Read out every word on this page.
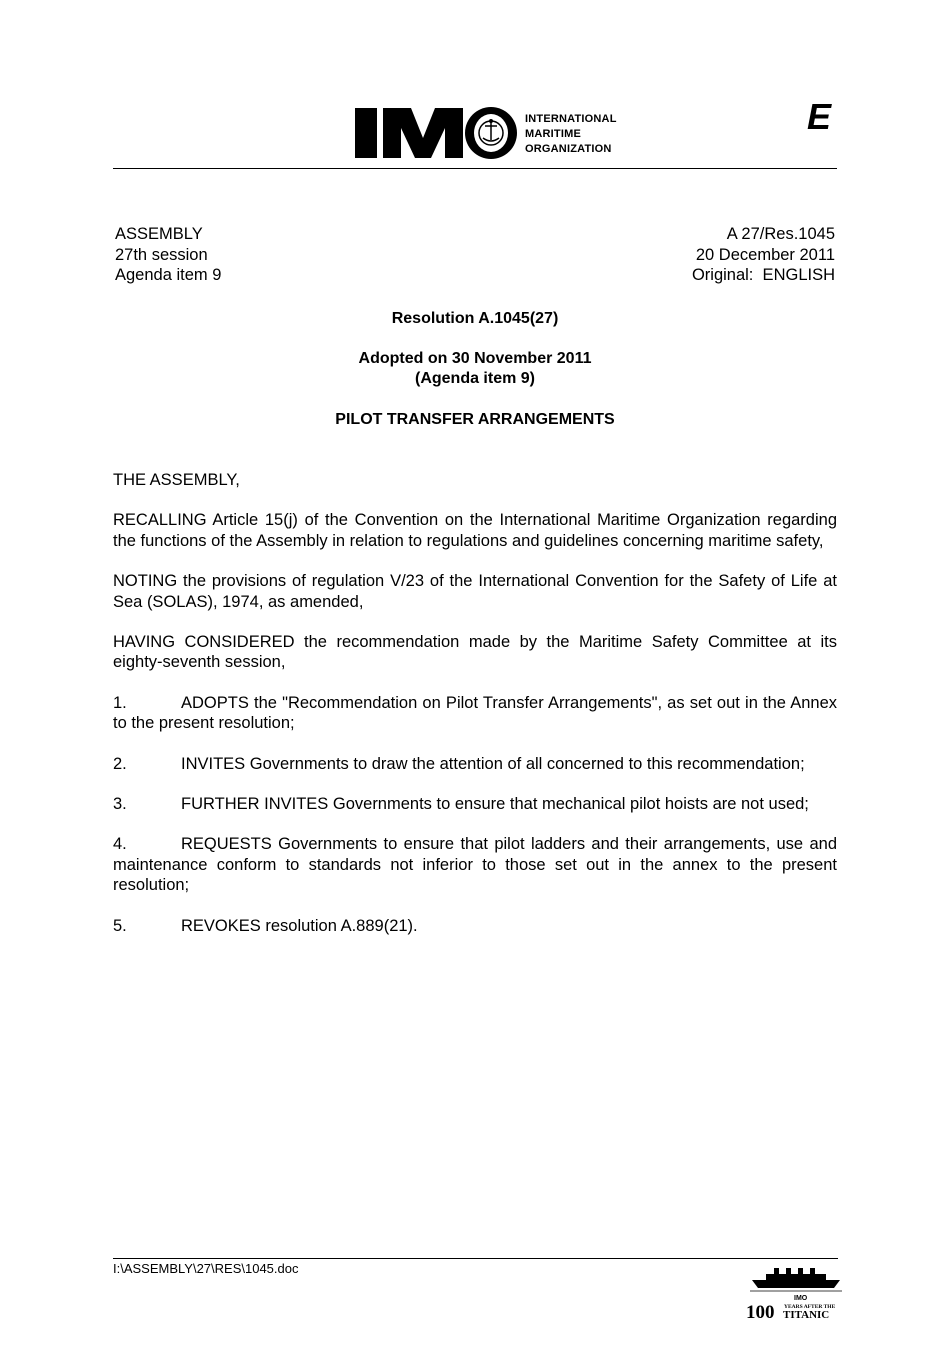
INTERNATIONAL
MARITIME
ORGANIZATION
E
ASSEMBLY
27th session
Agenda item 9
A 27/Res.1045
20 December 2011
Original:  ENGLISH
Resolution A.1045(27)
Adopted on 30 November 2011
(Agenda item 9)
PILOT TRANSFER ARRANGEMENTS

THE ASSEMBLY,

RECALLING Article 15(j) of the Convention on the International Maritime Organization regarding the functions of the Assembly in relation to regulations and guidelines concerning maritime safety,

NOTING the provisions of regulation V/23 of the International Convention for the Safety of Life at Sea (SOLAS), 1974, as amended,

HAVING CONSIDERED the recommendation made by the Maritime Safety Committee at its eighty-seventh session,

1.	ADOPTS the "Recommendation on Pilot Transfer Arrangements", as set out in the Annex to the present resolution;

2.	INVITES Governments to draw the attention of all concerned to this recommendation;

3.	FURTHER INVITES Governments to ensure that mechanical pilot hoists are not used;

4.	REQUESTS Governments to ensure that pilot ladders and their arrangements, use and maintenance conform to standards not inferior to those set out in the annex to the present resolution;

5.	REVOKES resolution A.889(21).

I:\ASSEMBLY\27\RES\1045.doc
IMO
100 YEARS AFTER THE
TITANIC
